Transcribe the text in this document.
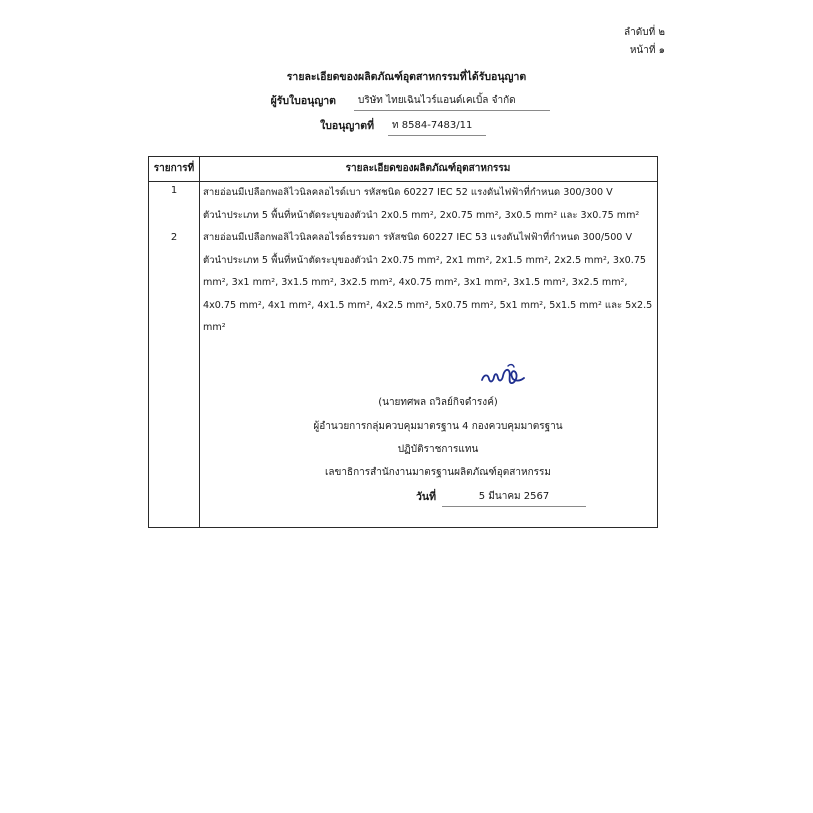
ลำดับที่ ๒
หน้าที่ ๑
รายละเอียดของผลิตภัณฑ์อุตสาหกรรมที่ได้รับอนุญาต
ผู้รับใบอนุญาต	บริษัท ไทยเฉินไวร์แอนด์เคเบิ้ล จำกัด
ใบอนุญาตที่	ท 8584-7483/11
รายการที่	รายละเอียดของผลิตภัณฑ์อุตสาหกรรม
1	สายอ่อนมีเปลือกพอลิไวนิลคลอไรด์เบา รหัสชนิด 60227 IEC 52 แรงดันไฟฟ้าที่กำหนด 300/300 V
ตัวนำประเภท 5 พื้นที่หน้าตัดระบุของตัวนำ 2x0.5 mm², 2x0.75 mm², 3x0.5 mm² และ 3x0.75 mm²
2	สายอ่อนมีเปลือกพอลิไวนิลคลอไรด์ธรรมดา รหัสชนิด 60227 IEC 53 แรงดันไฟฟ้าที่กำหนด 300/500 V
ตัวนำประเภท 5 พื้นที่หน้าตัดระบุของตัวนำ 2x0.75 mm², 2x1 mm², 2x1.5 mm², 2x2.5 mm², 3x0.75
mm², 3x1 mm², 3x1.5 mm², 3x2.5 mm², 4x0.75 mm², 3x1 mm², 3x1.5 mm², 3x2.5 mm²,
4x0.75 mm², 4x1 mm², 4x1.5 mm², 4x2.5 mm², 5x0.75 mm², 5x1 mm², 5x1.5 mm² และ 5x2.5
mm²
(นายทศพล ถวิลย์กิจดำรงค์)
ผู้อำนวยการกลุ่มควบคุมมาตรฐาน 4 กองควบคุมมาตรฐาน
ปฏิบัติราชการแทน
เลขาธิการสำนักงานมาตรฐานผลิตภัณฑ์อุตสาหกรรม
วันที่	5 มีนาคม 2567
